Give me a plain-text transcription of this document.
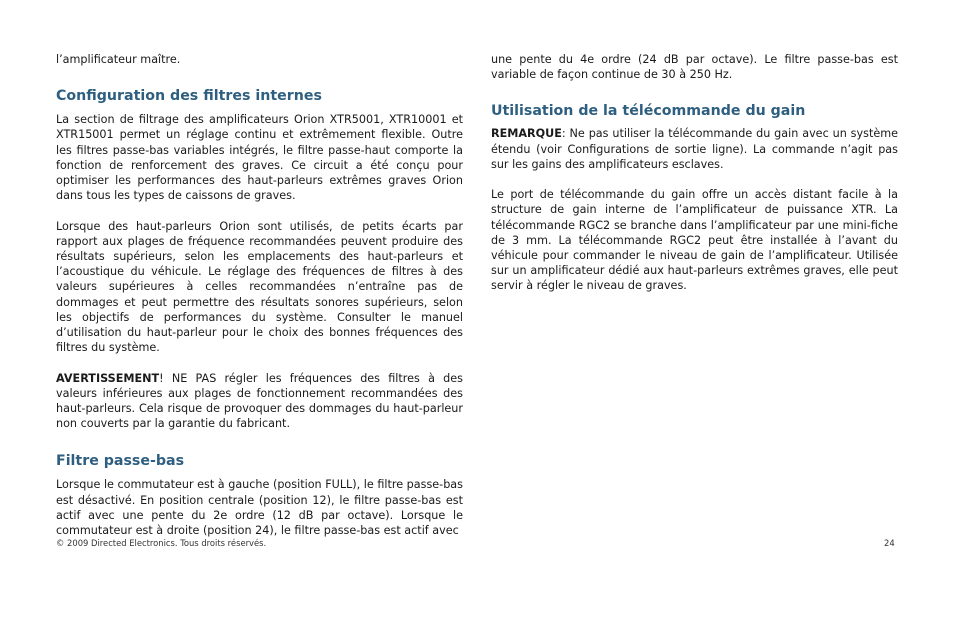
l’amplificateur maître.

Configuration des filtres internes

La section de filtrage des amplificateurs Orion XTR5001, XTR10001 et XTR15001 permet un réglage continu et extrêmement flexible. Outre les filtres passe-bas variables intégrés, le filtre passe-haut comporte la fonction de renforcement des graves. Ce circuit a été conçu pour optimiser les performances des haut-parleurs extrêmes graves Orion dans tous les types de caissons de graves.

Lorsque des haut-parleurs Orion sont utilisés, de petits écarts par rapport aux plages de fréquence recommandées peuvent produire des résultats supérieurs, selon les emplacements des haut-parleurs et l’acoustique du véhicule. Le réglage des fréquences de filtres à des valeurs supérieures à celles recommandées n’entraîne pas de dommages et peut permettre des résultats sonores supérieurs, selon les objectifs de performances du système. Consulter le manuel d’utilisation du haut-parleur pour le choix des bonnes fréquences des filtres du système.

AVERTISSEMENT! NE PAS régler les fréquences des filtres à des valeurs inférieures aux plages de fonctionnement recommandées des haut-parleurs. Cela risque de provoquer des dommages du haut-parleur non couverts par la garantie du fabricant.

Filtre passe-bas

Lorsque le commutateur est à gauche (position FULL), le filtre passe-bas est désactivé. En position centrale (position 12), le filtre passe-bas est actif avec une pente du 2e ordre (12 dB par octave). Lorsque le commutateur est à droite (position 24), le filtre passe-bas est actif avec

une pente du 4e ordre (24 dB par octave). Le filtre passe-bas est variable de façon continue de 30 à 250 Hz.

Utilisation de la télécommande du gain

REMARQUE: Ne pas utiliser la télécommande du gain avec un système étendu (voir Configurations de sortie ligne). La commande n’agit pas sur les gains des amplificateurs esclaves.

Le port de télécommande du gain offre un accès distant facile à la structure de gain interne de l’amplificateur de puissance XTR. La télécommande RGC2 se branche dans l’amplificateur par une mini-fiche de 3 mm. La télécommande RGC2 peut être installée à l’avant du véhicule pour commander le niveau de gain de l’amplificateur. Utilisée sur un amplificateur dédié aux haut-parleurs extrêmes graves, elle peut servir à régler le niveau de graves.

© 2009 Directed Electronics. Tous droits réservés.	24
